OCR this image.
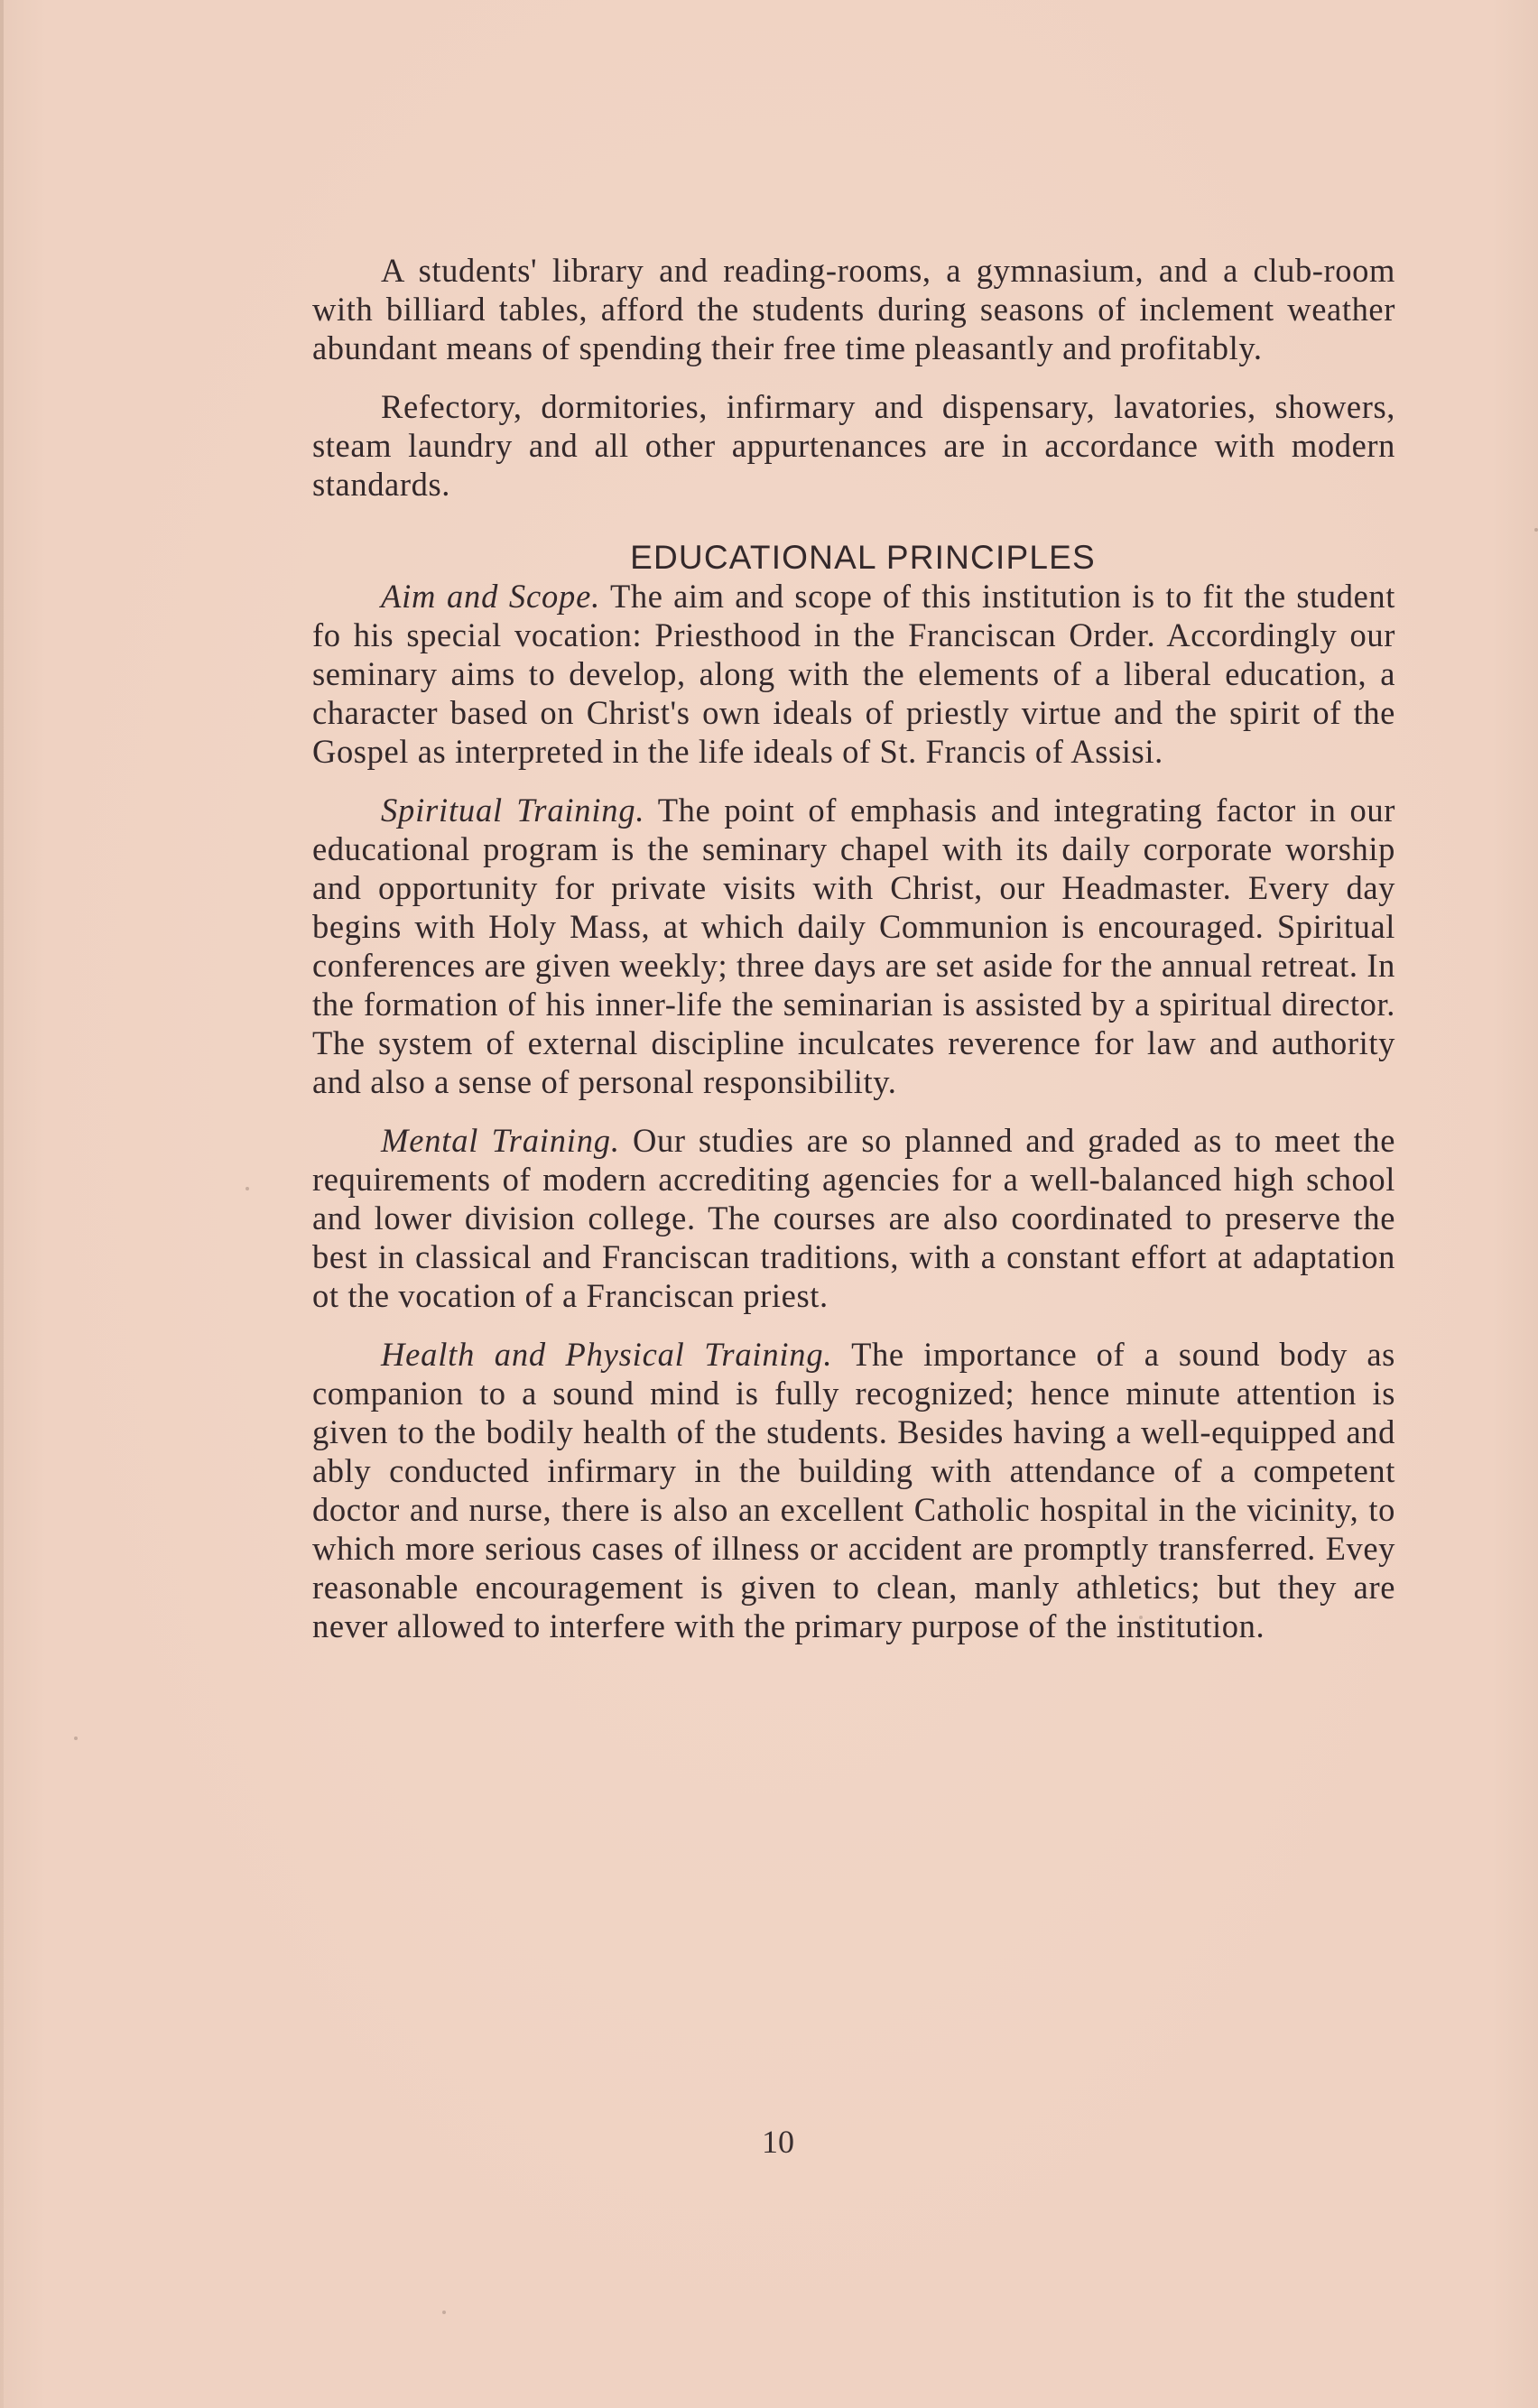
A students' library and reading-rooms, a gymnasium, and a club-room with billiard tables, afford the students during seasons of inclement weather abundant means of spending their free time pleasantly and profitably.

Refectory, dormitories, infirmary and dispensary, lavatories, showers, steam laundry and all other appurtenances are in accordance with modern standards.

EDUCATIONAL PRINCIPLES

Aim and Scope. The aim and scope of this institution is to fit the student fo his special vocation: Priesthood in the Franciscan Order. Accordingly our seminary aims to develop, along with the elements of a liberal education, a character based on Christ's own ideals of priestly virtue and the spirit of the Gospel as interpreted in the life ideals of St. Francis of Assisi.

Spiritual Training. The point of emphasis and integrating factor in our educational program is the seminary chapel with its daily corporate worship and opportunity for private visits with Christ, our Headmaster. Every day begins with Holy Mass, at which daily Communion is encouraged. Spiritual conferences are given weekly; three days are set aside for the annual retreat. In the formation of his inner-life the seminarian is assisted by a spiritual director. The system of external discipline inculcates reverence for law and authority and also a sense of personal responsibility.

Mental Training. Our studies are so planned and graded as to meet the requirements of modern accrediting agencies for a well-balanced high school and lower division college. The courses are also coordinated to preserve the best in classical and Franciscan traditions, with a constant effort at adaptation ot the vocation of a Franciscan priest.

Health and Physical Training. The importance of a sound body as companion to a sound mind is fully recognized; hence minute attention is given to the bodily health of the students. Besides having a well-equipped and ably conducted infirmary in the building with attendance of a competent doctor and nurse, there is also an excellent Catholic hospital in the vicinity, to which more serious cases of illness or accident are promptly transferred. Evey reasonable encouragement is given to clean, manly athletics; but they are never allowed to interfere with the primary purpose of the institution.

10
